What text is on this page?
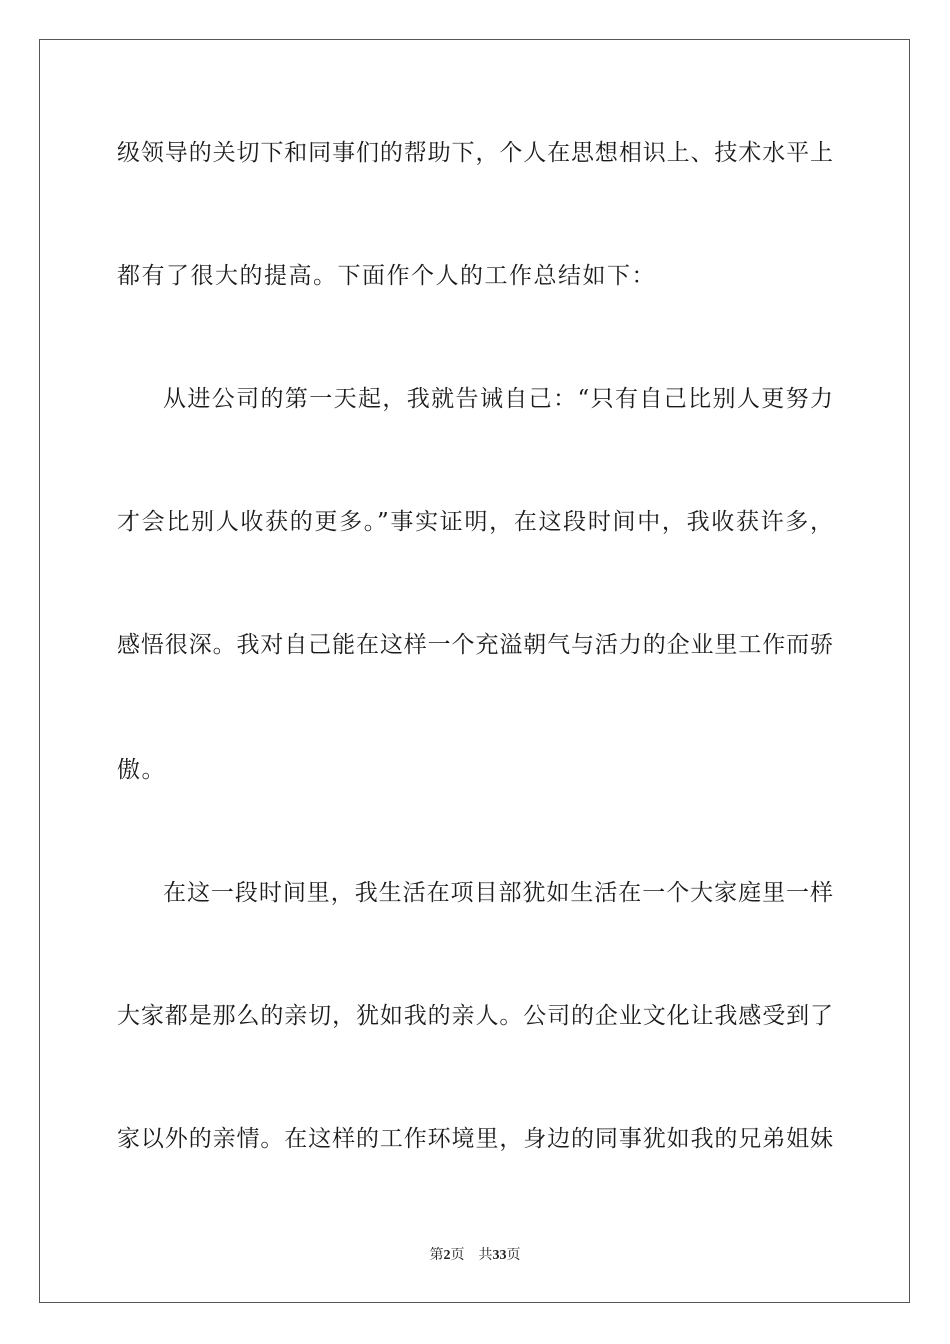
级领导的关切下和同事们的帮助下，个人在思想相识上、技术水平上
都有了很大的提高。下面作个人的工作总结如下：
从进公司的第一天起，我就告诫自己：“只有自己比别人更努力
才会比别人收获的更多。”事实证明，在这段时间中，我收获许多，
感悟很深。我对自己能在这样一个充溢朝气与活力的企业里工作而骄
傲。
在这一段时间里，我生活在项目部犹如生活在一个大家庭里一样
大家都是那么的亲切，犹如我的亲人。公司的企业文化让我感受到了
家以外的亲情。在这样的工作环境里，身边的同事犹如我的兄弟姐妹
第2页 共33页
